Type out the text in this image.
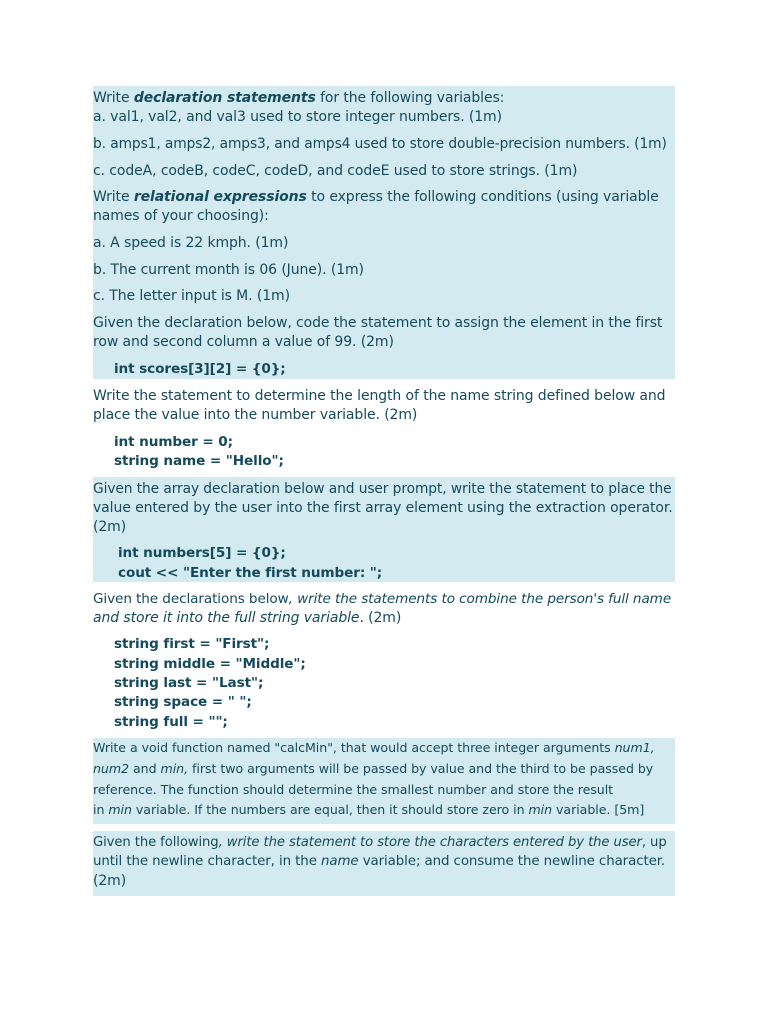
Write declaration statements for the following variables:
a. val1, val2, and val3 used to store integer numbers. (1m)
b. amps1, amps2, amps3, and amps4 used to store double-precision numbers. (1m)
c. codeA, codeB, codeC, codeD, and codeE used to store strings. (1m)
Write relational expressions to express the following conditions (using variable
names of your choosing):
a. A speed is 22 kmph. (1m)
b. The current month is 06 (June). (1m)
c. The letter input is M. (1m)
Given the declaration below, code the statement to assign the element in the first
row and second column a value of 99. (2m)
int scores[3][2] = {0};
Write the statement to determine the length of the name string defined below and
place the value into the number variable. (2m)
int number = 0;
string name = "Hello";
Given the array declaration below and user prompt, write the statement to place the
value entered by the user into the first array element using the extraction operator.
(2m)
int numbers[5] = {0};
cout << "Enter the first number: ";
Given the declarations below, write the statements to combine the person's full name
and store it into the full string variable. (2m)
string first = "First";
string middle = "Middle";
string last = "Last";
string space = " ";
string full = "";
Write a void function named "calcMin", that would accept three integer arguments num1,
num2 and min, first two arguments will be passed by value and the third to be passed by
reference. The function should determine the smallest number and store the result
in min variable. If the numbers are equal, then it should store zero in min variable. [5m]
Given the following, write the statement to store the characters entered by the user, up
until the newline character, in the name variable; and consume the newline character.
(2m)
